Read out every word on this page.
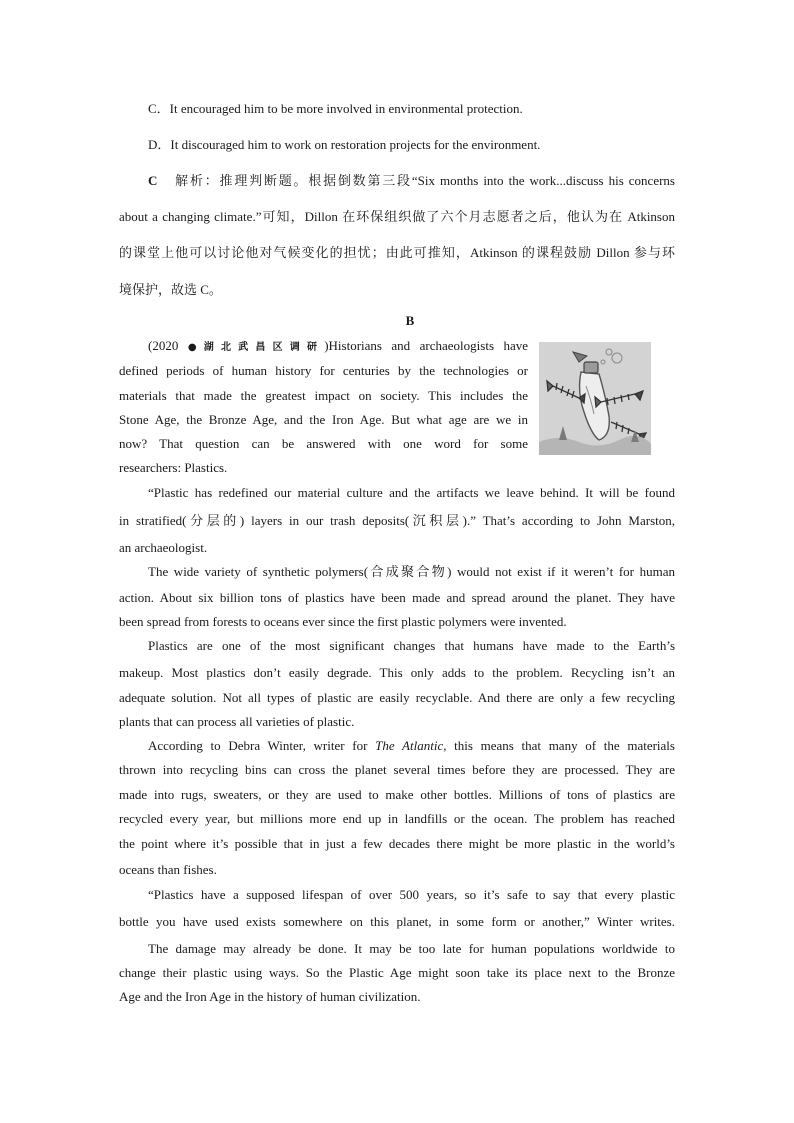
C．It encouraged him to be more involved in environmental protection.
D．It discouraged him to work on restoration projects for the environment.
C 解析：推理判断题。根据倒数第三段“Six months into the work...discuss his concerns
about a changing climate.”可知，Dillon 在环保组织做了六个月志愿者之后，他认为在 Atkinson
的课堂上他可以讨论他对气候变化的担忧；由此可推知，Atkinson 的课程鼓励 Dillon 参与环
境保护，故选 C。
B
(2020 ●湖北武昌区调研)Historians and archaeologists have
defined periods of human history for centuries by the technologies or
materials that made the greatest impact on society. This includes the
Stone Age, the Bronze Age, and the Iron Age. But what age are we in
now? That question can be answered with one word for some
researchers: Plastics.
“Plastic has redefined our material culture and the artifacts we leave behind. It will be found
in stratified(分层的) layers in our trash deposits(沉积层).” That’s according to John Marston,
an archaeologist.
The wide variety of synthetic polymers(合成聚合物) would not exist if it weren’t for human
action. About six billion tons of plastics have been made and spread around the planet. They have
been spread from forests to oceans ever since the first plastic polymers were invented.
Plastics are one of the most significant changes that humans have made to the Earth’s
makeup. Most plastics don’t easily degrade. This only adds to the problem. Recycling isn’t an
adequate solution. Not all types of plastic are easily recyclable. And there are only a few recycling
plants that can process all varieties of plastic.
According to Debra Winter, writer for The Atlantic, this means that many of the materials
thrown into recycling bins can cross the planet several times before they are processed. They are
made into rugs, sweaters, or they are used to make other bottles. Millions of tons of plastics are
recycled every year, but millions more end up in landfills or the ocean. The problem has reached
the point where it’s possible that in just a few decades there might be more plastic in the world’s
oceans than fishes.
“Plastics have a supposed lifespan of over 500 years, so it’s safe to say that every plastic
bottle you have used exists somewhere on this planet, in some form or another,” Winter writes.
The damage may already be done. It may be too late for human populations worldwide to
change their plastic using ways. So the Plastic Age might soon take its place next to the Bronze
Age and the Iron Age in the history of human civilization.
